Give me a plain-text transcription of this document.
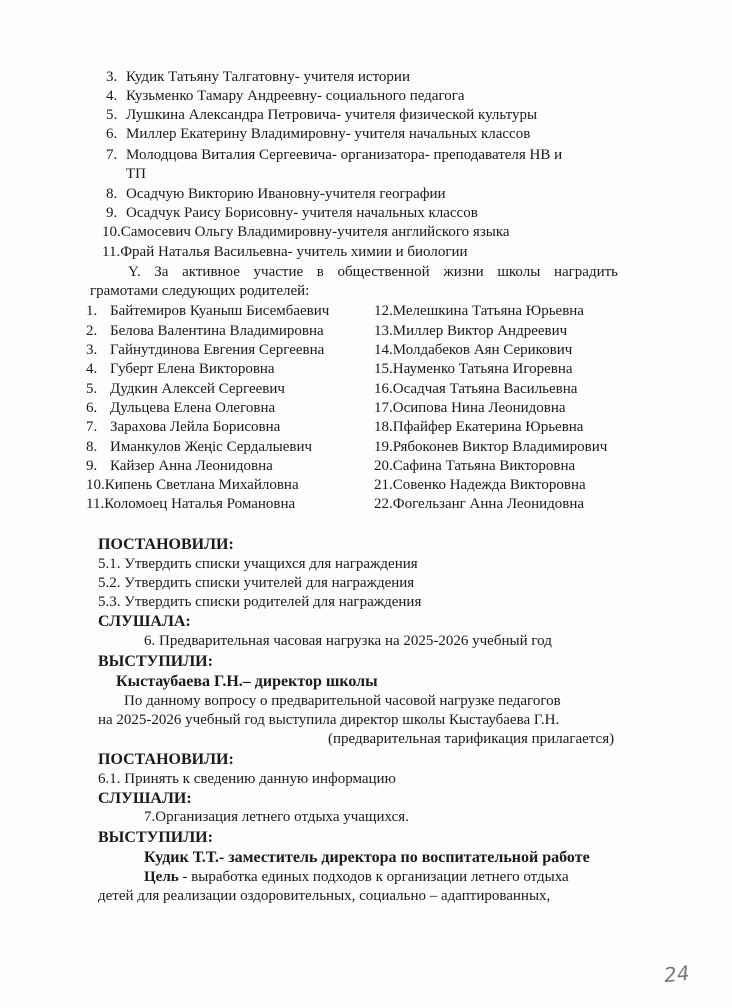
3. Кудик Татьяну Талгатовну- учителя истории
4. Кузьменко Тамару Андреевну- социального педагога
5. Лушкина Александра Петровича- учителя физической культуры
6. Миллер Екатерину Владимировну- учителя начальных классов
7. Молодцова Виталия Сергеевича- организатора- преподавателя НВ и
ТП
8. Осадчую Викторию Ивановну-учителя географии
9. Осадчук Раису Борисовну- учителя начальных классов
10.Самосевич Ольгу Владимировну-учителя английского языка
11.Фрай Наталья Васильевна- учитель химии и биологии
Y. За активное участие в общественной жизни школы наградить
грамотами следующих родителей:
1. Байтемиров Куаныш Бисембаевич
2. Белова Валентина Владимировна
3. Гайнутдинова Евгения Сергеевна
4. Губерт Елена Викторовна
5. Дудкин Алексей Сергеевич
6. Дульцева Елена Олеговна
7. Зарахова Лейла Борисовна
8. Иманкулов Жеңіс Сердалыевич
9. Кайзер Анна Леонидовна
10.Кипень Светлана Михайловна
11.Коломоец Наталья Романовна
12.Мелешкина Татьяна Юрьевна
13.Миллер Виктор Андреевич
14.Молдабеков Аян Серикович
15.Науменко Татьяна Игоревна
16.Осадчая Татьяна Васильевна
17.Осипова Нина Леонидовна
18.Пфайфер Екатерина Юрьевна
19.Рябоконев Виктор Владимирович
20.Сафина Татьяна Викторовна
21.Совенко Надежда Викторовна
22.Фогельзанг Анна Леонидовна
ПОСТАНОВИЛИ:
5.1. Утвердить списки учащихся для награждения
5.2. Утвердить списки учителей для награждения
5.3. Утвердить списки родителей для награждения
СЛУШАЛА:
6. Предварительная часовая нагрузка на 2025-2026 учебный год
ВЫСТУПИЛИ:
Кыстаубаева Г.Н.– директор школы
По данному вопросу о предварительной часовой нагрузке педагогов
на 2025-2026 учебный год выступила директор школы Кыстаубаева Г.Н.
(предварительная тарификация прилагается)
ПОСТАНОВИЛИ:
6.1. Принять к сведению данную информацию
СЛУШАЛИ:
7.Организация летнего отдыха учащихся.
ВЫСТУПИЛИ:
Кудик Т.Т.- заместитель директора по воспитательной работе
Цель - выработка единых подходов к организации летнего отдыха
детей для реализации оздоровительных, социально – адаптированных,
24
